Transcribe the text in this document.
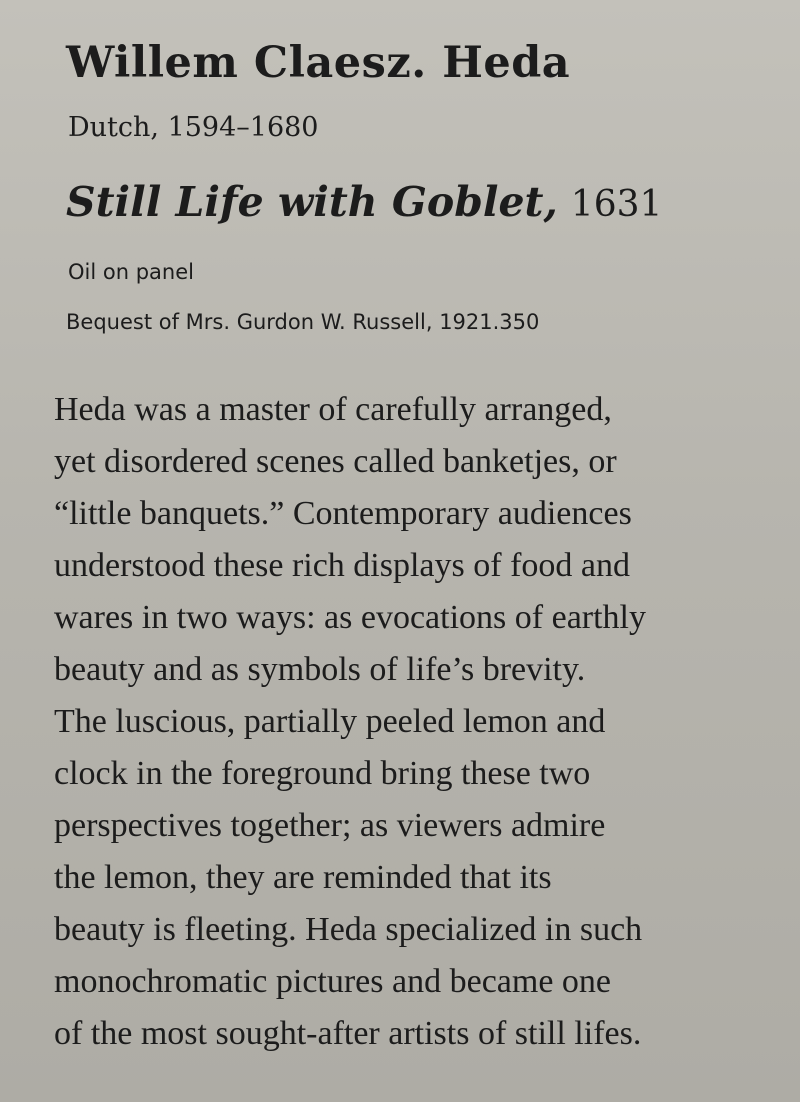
Willem Claesz. Heda
Dutch, 1594–1680
Still Life with Goblet, 1631
Oil on panel
Bequest of Mrs. Gurdon W. Russell, 1921.350
Heda was a master of carefully arranged,
yet disordered scenes called banketjes, or
“little banquets.” Contemporary audiences
understood these rich displays of food and
wares in two ways: as evocations of earthly
beauty and as symbols of life’s brevity.
The luscious, partially peeled lemon and
clock in the foreground bring these two
perspectives together; as viewers admire
the lemon, they are reminded that its
beauty is fleeting. Heda specialized in such
monochromatic pictures and became one
of the most sought-after artists of still lifes.
